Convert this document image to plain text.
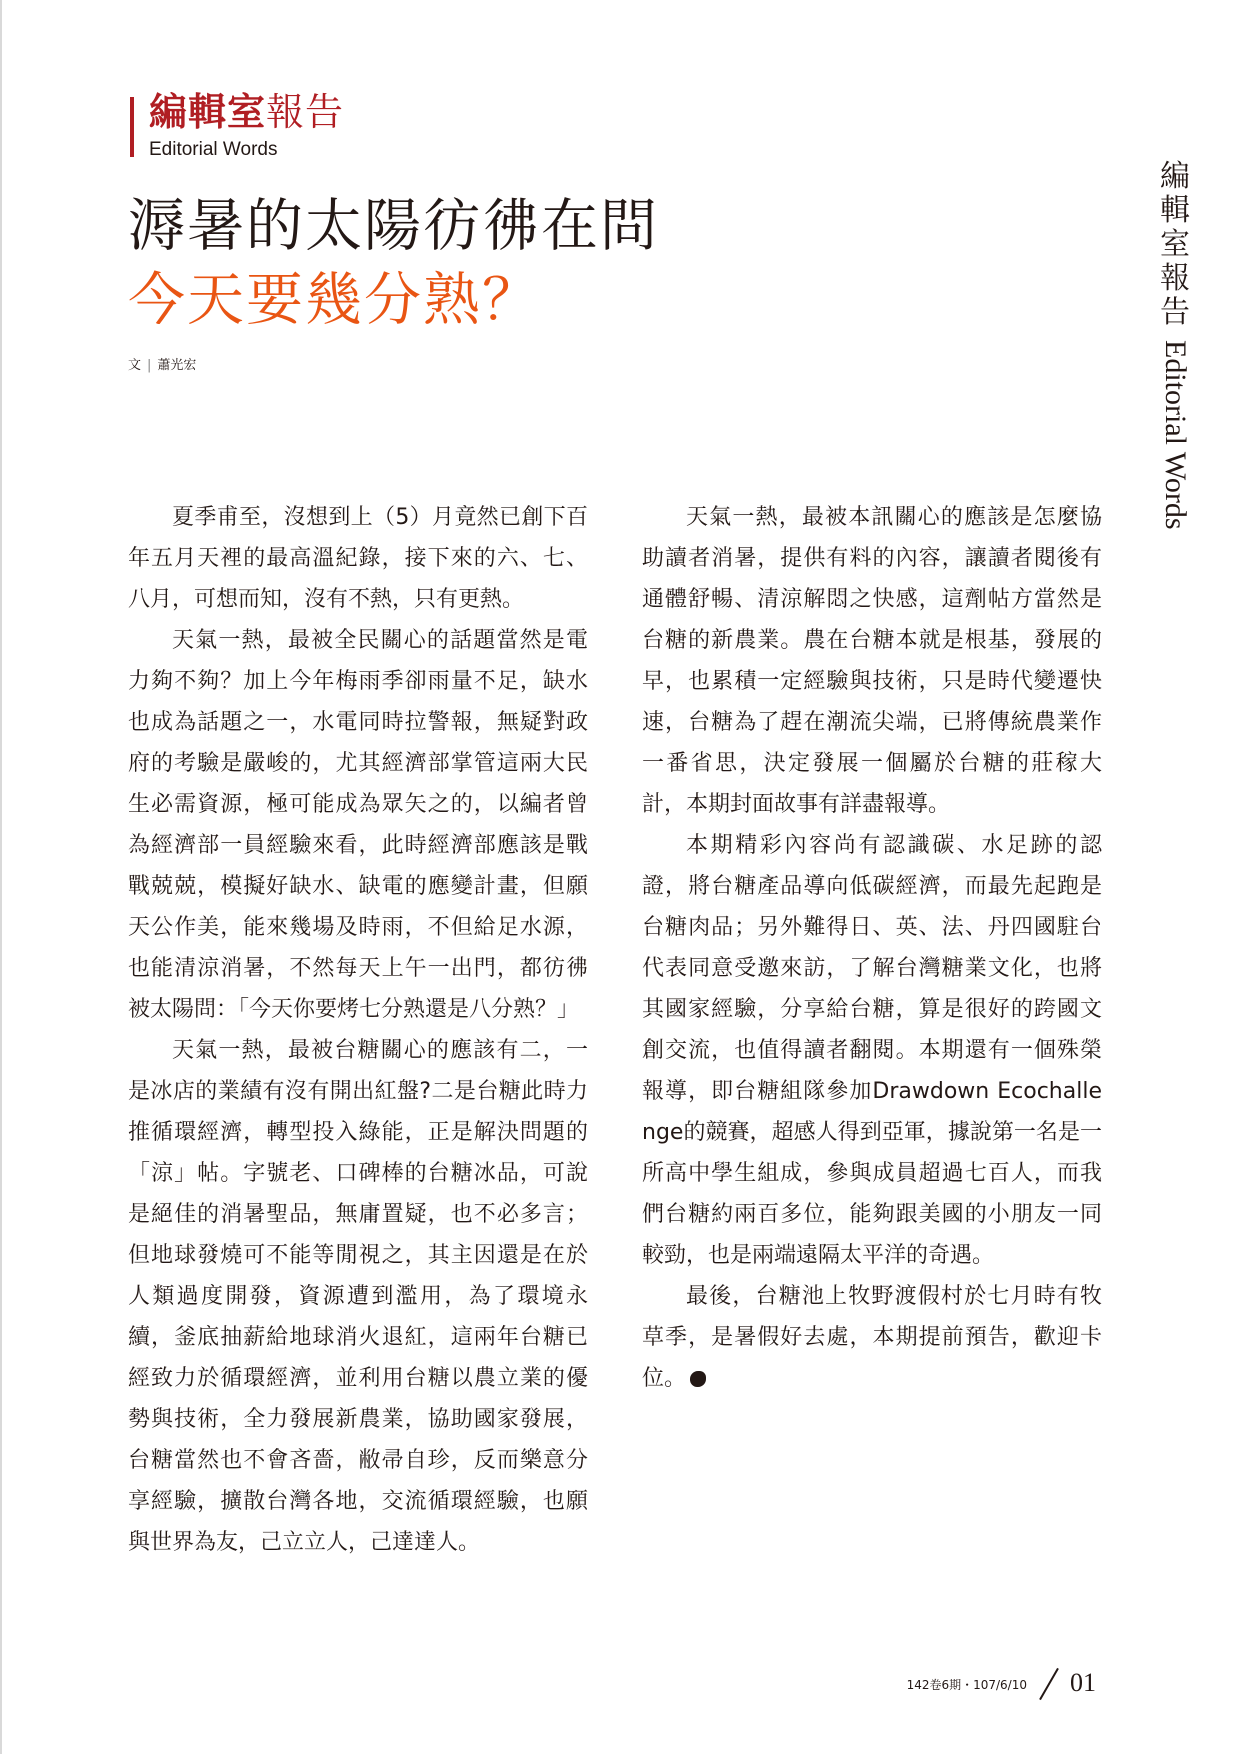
編輯室報告
Editorial Words
編輯室報告
Editorial Words
溽暑的太陽彷彿在問
今天要幾分熟？
文 | 蕭光宏

夏季甫至，沒想到上（5）月竟然已創下百年五月天裡的最高溫紀錄，接下來的六、七、八月，可想而知，沒有不熱，只有更熱。

天氣一熱，最被全民關心的話題當然是電力夠不夠？加上今年梅雨季卻雨量不足，缺水也成為話題之一，水電同時拉警報，無疑對政府的考驗是嚴峻的，尤其經濟部掌管這兩大民生必需資源，極可能成為眾矢之的，以編者曾為經濟部一員經驗來看，此時經濟部應該是戰戰兢兢，模擬好缺水、缺電的應變計畫，但願天公作美，能來幾場及時雨，不但給足水源，也能清涼消暑，不然每天上午一出門，都彷彿被太陽問：「今天你要烤七分熟還是八分熟？」

天氣一熱，最被台糖關心的應該有二，一是冰店的業績有沒有開出紅盤?二是台糖此時力推循環經濟，轉型投入綠能，正是解決問題的「涼」帖。字號老、口碑棒的台糖冰品，可說是絕佳的消暑聖品，無庸置疑，也不必多言；但地球發燒可不能等閒視之，其主因還是在於人類過度開發，資源遭到濫用，為了環境永續，釜底抽薪給地球消火退紅，這兩年台糖已經致力於循環經濟，並利用台糖以農立業的優勢與技術，全力發展新農業，協助國家發展，台糖當然也不會吝嗇，敝帚自珍，反而樂意分享經驗，擴散台灣各地，交流循環經驗，也願與世界為友，己立立人，己達達人。

天氣一熱，最被本訊關心的應該是怎麼協助讀者消暑，提供有料的內容，讓讀者閱後有通體舒暢、清涼解悶之快感，這劑帖方當然是台糖的新農業。農在台糖本就是根基，發展的早，也累積一定經驗與技術，只是時代變遷快速，台糖為了趕在潮流尖端，已將傳統農業作一番省思，決定發展一個屬於台糖的莊稼大計，本期封面故事有詳盡報導。

本期精彩內容尚有認識碳、水足跡的認證，將台糖產品導向低碳經濟，而最先起跑是台糖肉品；另外難得日、英、法、丹四國駐台代表同意受邀來訪，了解台灣糖業文化，也將其國家經驗，分享給台糖，算是很好的跨國文創交流，也值得讀者翻閱。本期還有一個殊榮報導，即台糖組隊參加Drawdown Ecochallenge的競賽，超感人得到亞軍，據說第一名是一所高中學生組成，參與成員超過七百人，而我們台糖約兩百多位，能夠跟美國的小朋友一同較勁，也是兩端遠隔太平洋的奇遇。

最後，台糖池上牧野渡假村於七月時有牧草季，是暑假好去處，本期提前預告，歡迎卡位。

142卷6期・107/6/10 01
